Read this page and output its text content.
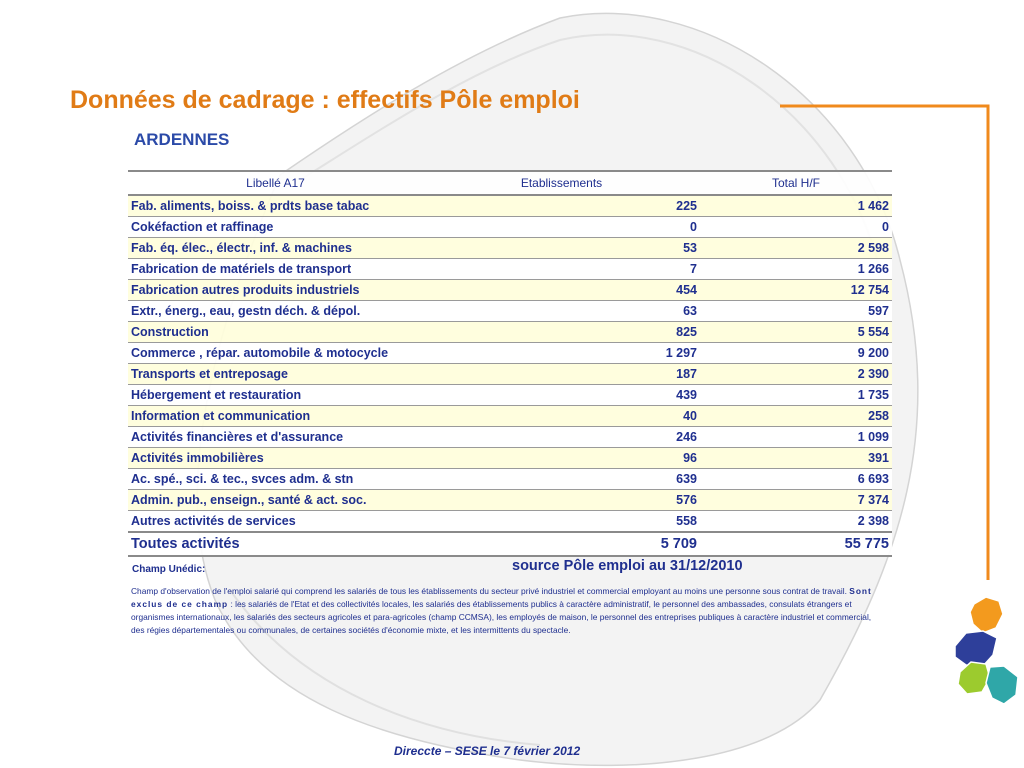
Données de cadrage : effectifs Pôle emploi
ARDENNES
Libellé A17	Etablissements	Total H/F
Fab. aliments, boiss. & prdts base tabac	225	1 462
Cokéfaction et raffinage	0	0
Fab. éq. élec., électr., inf. & machines	53	2 598
Fabrication de matériels de transport	7	1 266
Fabrication autres produits industriels	454	12 754
Extr., énerg., eau, gestn déch. & dépol.	63	597
Construction	825	5 554
Commerce , répar. automobile & motocycle	1 297	9 200
Transports et entreposage	187	2 390
Hébergement et restauration	439	1 735
Information et communication	40	258
Activités financières et d'assurance	246	1 099
Activités immobilières	96	391
Ac. spé., sci. & tec., svces adm. & stn	639	6 693
Admin. pub., enseign., santé & act. soc.	576	7 374
Autres activités de services	558	2 398
Toutes activités	5 709	55 775
Champ Unédic:	source Pôle emploi au 31/12/2010

Champ d'observation de l'emploi salarié qui comprend les salariés de tous les établissements du secteur privé industriel et commercial employant au moins une personne sous contrat de travail. Sont exclus de ce champ : les salariés de l'Etat et des collectivités locales, les salariés des établissements publics à caractère administratif, le personnel des ambassades, consulats étrangers et organismes internationaux, les salariés des secteurs agricoles et para-agricoles (champ CCMSA), les employés de maison, le personnel des entreprises publiques à caractère industriel et commercial, des régies départementales ou communales, de certaines sociétés d'économie mixte, et les intermittents du spectacle.

Direccte – SESE le 7 février 2012
